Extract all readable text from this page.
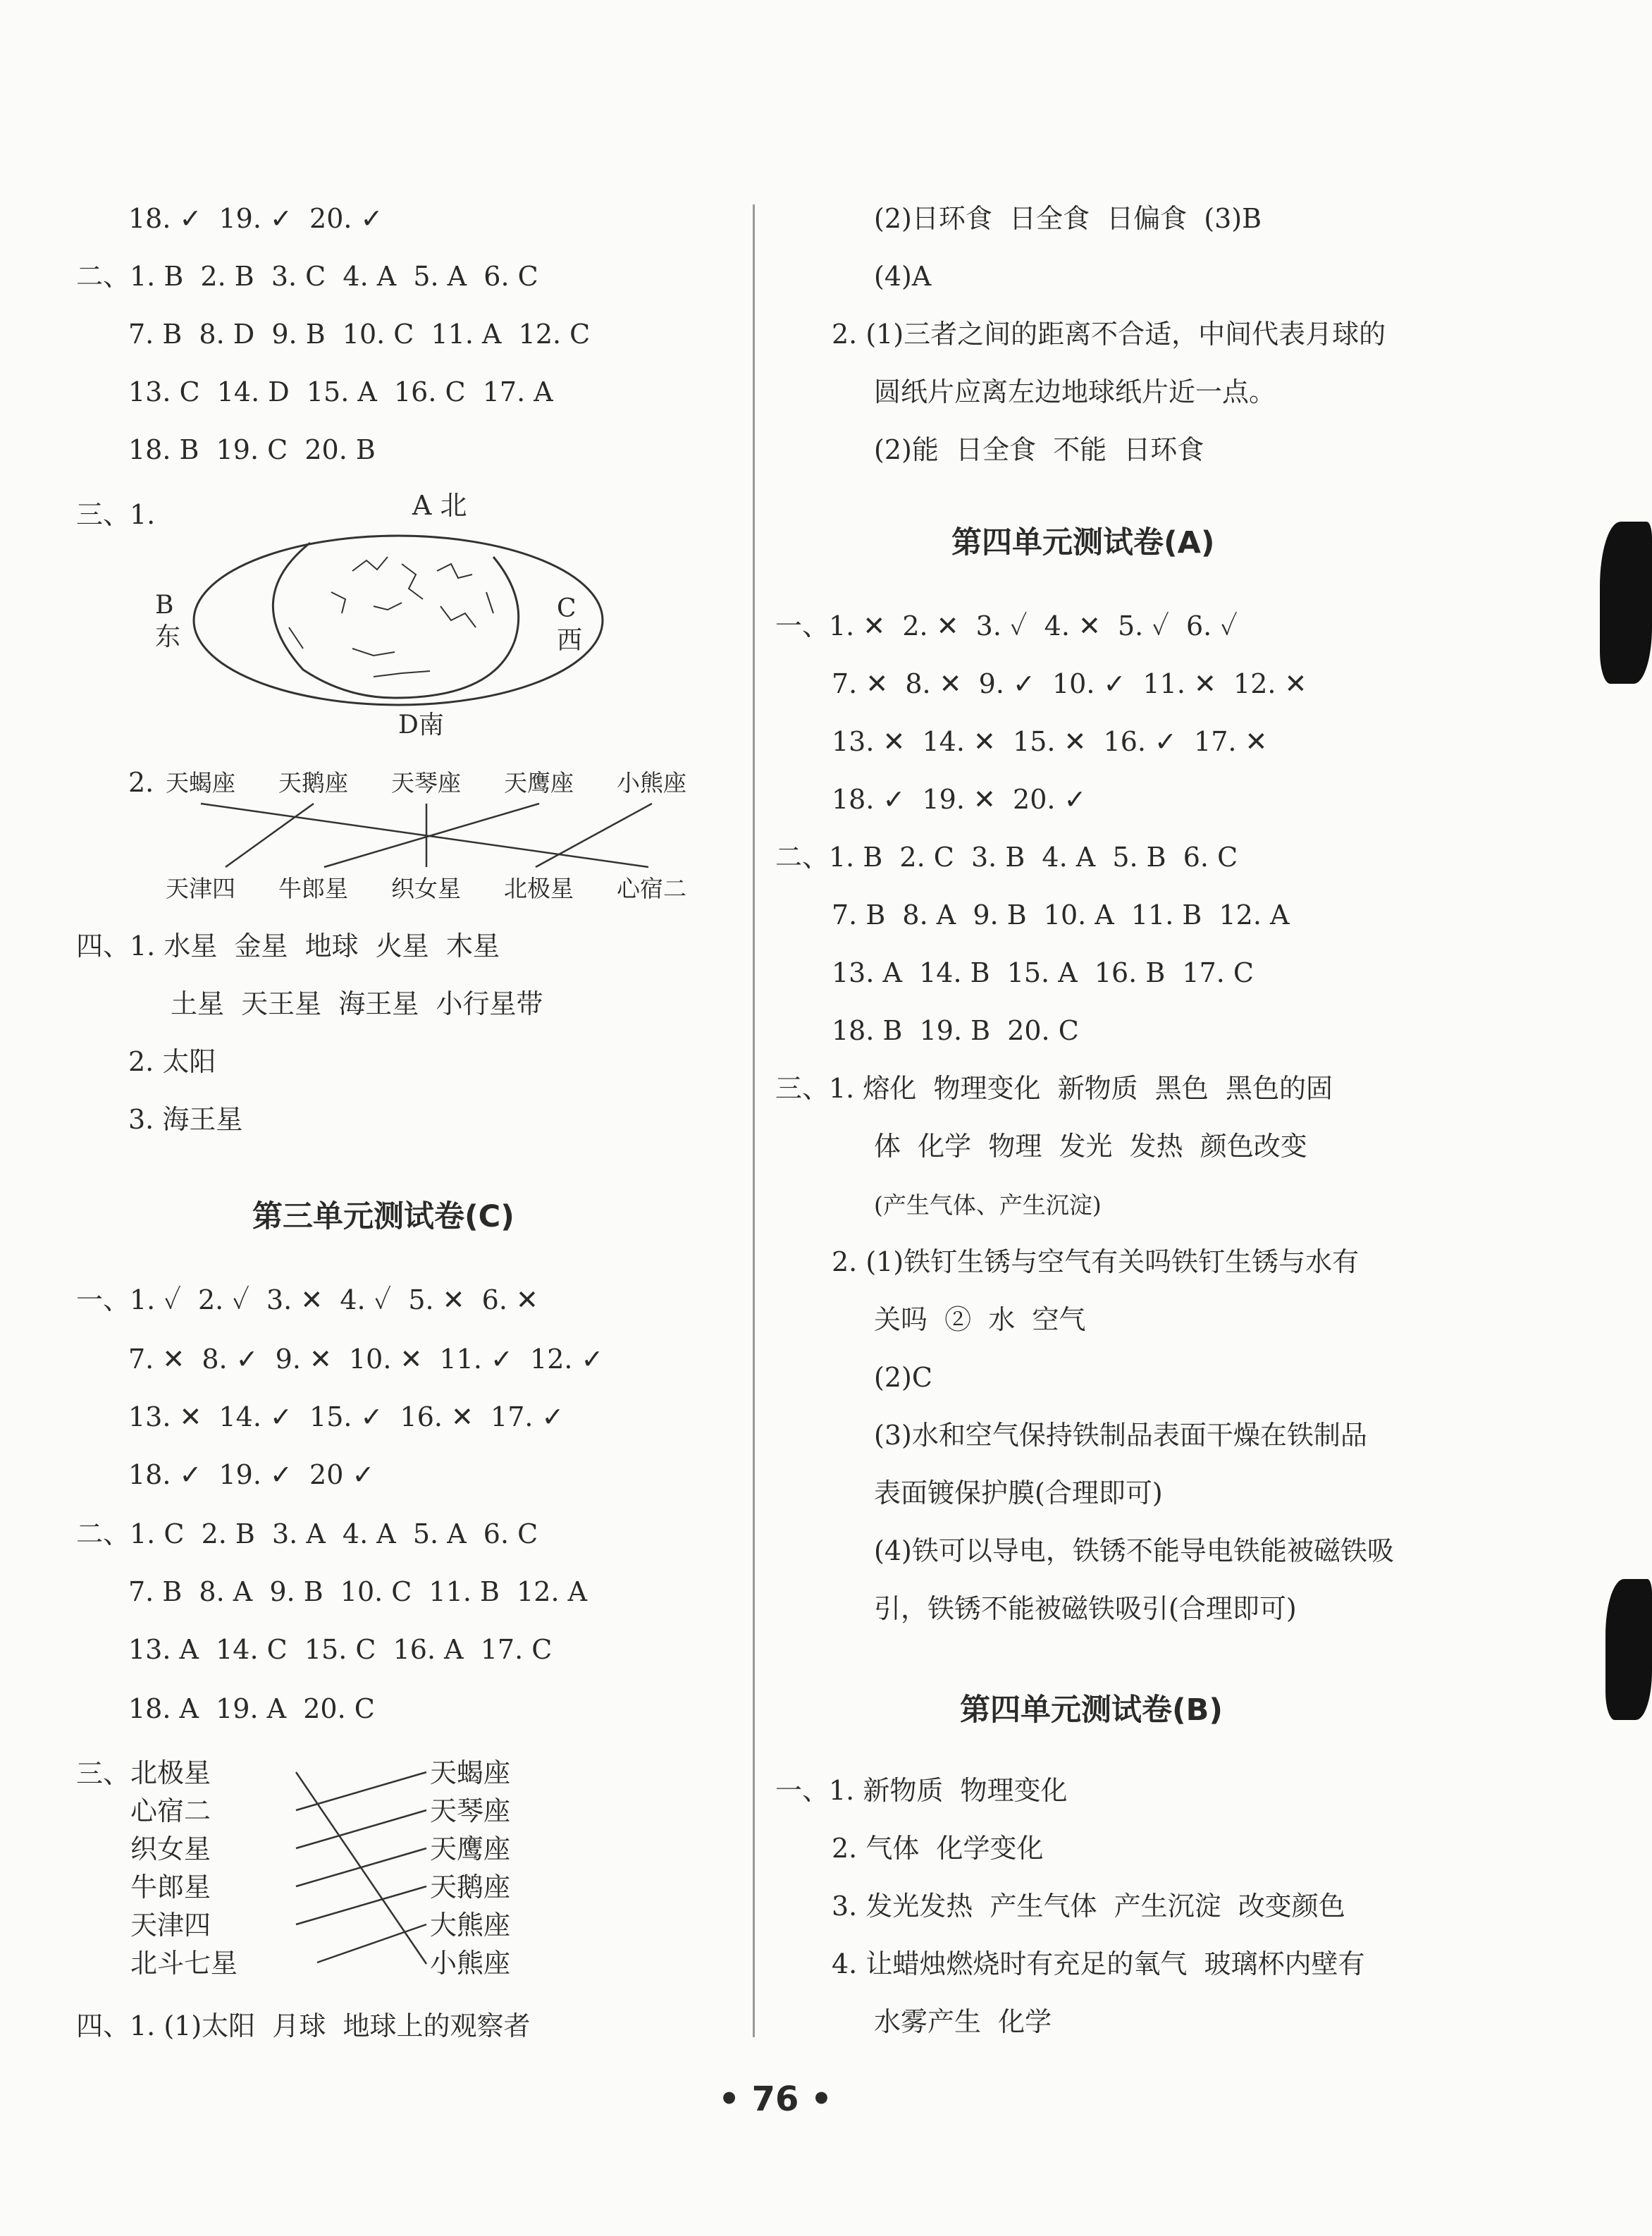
18. ✓  19. ✓  20. ✓
二、1. B  2. B  3. C  4. A  5. A  6. C
7. B  8. D  9. B  10. C  11. A  12. C
13. C  14. D  15. A  16. C  17. A
18. B  19. C  20. B
三、1.	A 北
B
东
C
西
D南
2. 天蝎座 天鹅座 天琴座 天鹰座 小熊座
天津四 牛郎星 织女星 北极星 心宿二
四、1. 水星  金星  地球  火星  木星
土星  天王星  海王星  小行星带
2. 太阳
3. 海王星
第三单元测试卷(C)
一、1. ✓  2. ✓  3. ✕  4. ✓  5. ✕  6. ✕
7. ✕  8. ✓  9. ✕  10. ✕  11. ✓  12. ✓
13. ✕  14. ✓  15. ✓  16. ✕  17. ✓
18. ✓  19. ✓  20 ✓
二、1. C  2. B  3. A  4. A  5. A  6. C
7. B  8. A  9. B  10. C  11. B  12. A
13. A  14. C  15. C  16. A  17. C
18. A  19. A  20. C
三、 北极星
心宿二
织女星
牛郎星
天津四
北斗七星
天蝎座
天琴座
天鹰座
天鹅座
大熊座
小熊座
四、1. (1)太阳  月球  地球上的观察者
(2)日环食  日全食  日偏食  (3)B
(4)A
2. (1)三者之间的距离不合适，中间代表月球的
圆纸片应离左边地球纸片近一点。
(2)能  日全食  不能  日环食
第四单元测试卷(A)
一、1. ✕  2. ✕  3. ✓  4. ✕  5. ✓  6. ✓
7. ✕  8. ✕  9. ✓  10. ✓  11. ✕  12. ✕
13. ✕  14. ✕  15. ✕  16. ✓  17. ✕
18. ✓  19. ✕  20. ✓
二、1. B  2. C  3. B  4. A  5. B  6. C
7. B  8. A  9. B  10. A  11. B  12. A
13. A  14. B  15. A  16. B  17. C
18. B  19. B  20. C
三、1. 熔化  物理变化  新物质  黑色  黑色的固
体  化学  物理  发光  发热  颜色改变
(产生气体、产生沉淀)
2. (1)铁钉生锈与空气有关吗铁钉生锈与水有
关吗  ②  水  空气
(2)C
(3)水和空气保持铁制品表面干燥在铁制品
表面镀保护膜(合理即可)
(4)铁可以导电，铁锈不能导电铁能被磁铁吸
引，铁锈不能被磁铁吸引(合理即可)
第四单元测试卷(B)
一、1. 新物质  物理变化
2. 气体  化学变化
3. 发光发热  产生气体  产生沉淀  改变颜色
4. 让蜡烛燃烧时有充足的氧气  玻璃杯内壁有
水雾产生  化学
• 76 •
